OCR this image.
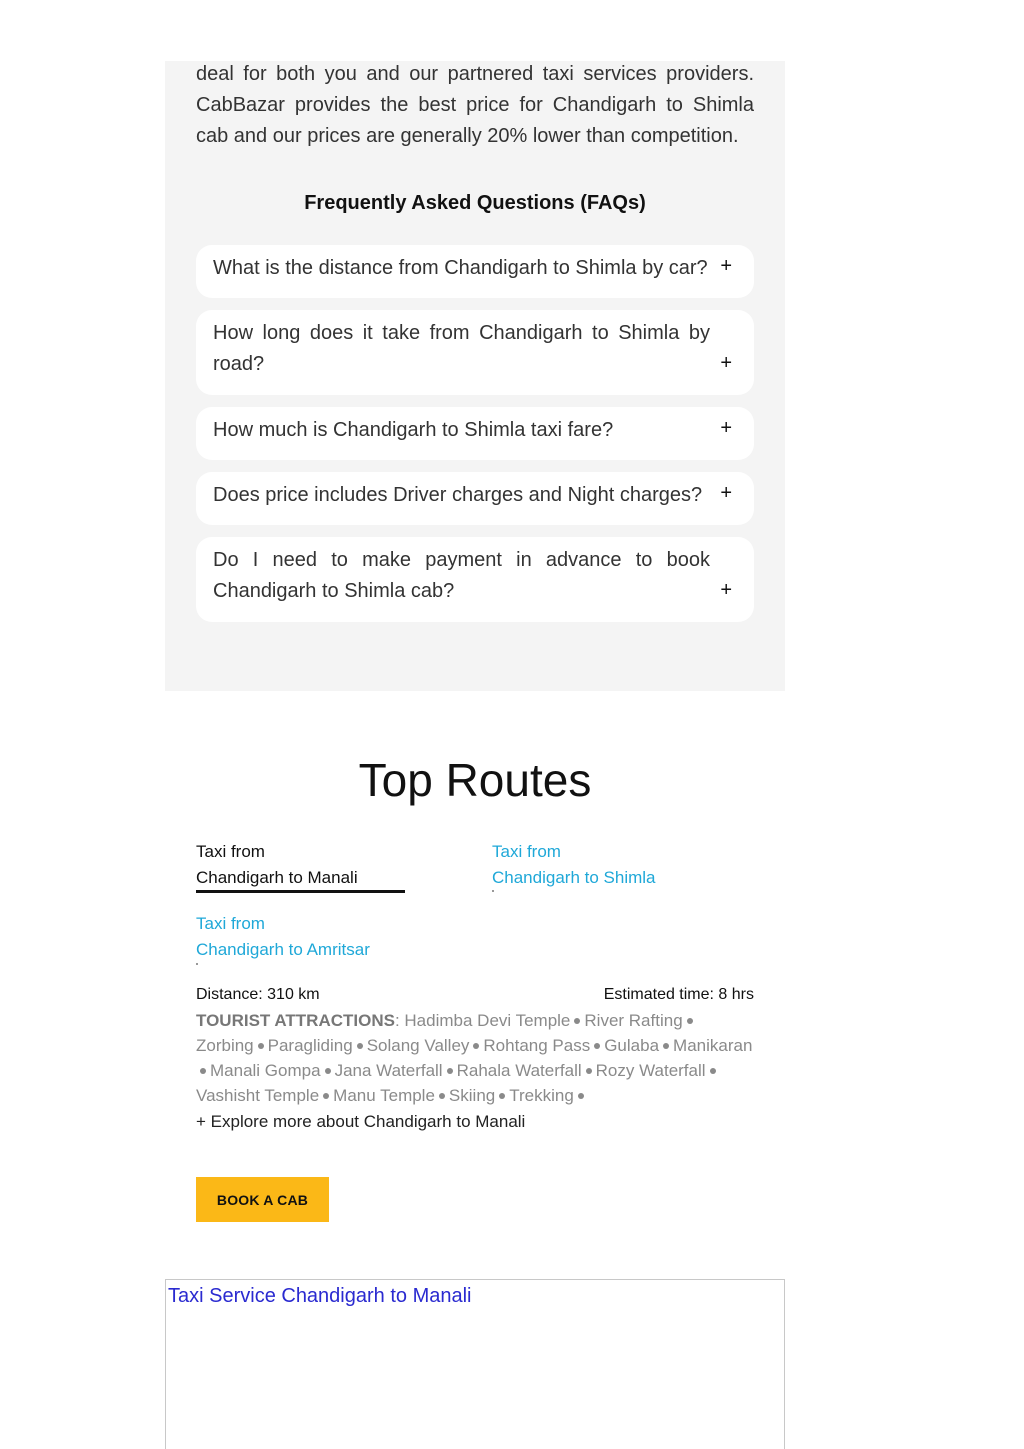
deal for both you and our partnered taxi services providers. CabBazar provides the best price for Chandigarh to Shimla cab and our prices are generally 20% lower than competition.

Frequently Asked Questions (FAQs)
What is the distance from Chandigarh to Shimla by car? +
How long does it take from Chandigarh to Shimla by road?	+
How much is Chandigarh to Shimla taxi fare?	+
Does price includes Driver charges and Night charges? +
Do I need to make payment in advance to book Chandigarh to Shimla cab?	+
Top Routes
Taxi from
Chandigarh to Manali
Taxi from
Chandigarh to Shimla
Taxi from
Chandigarh to Amritsar
Distance: 310 km	Estimated time: 8 hrs
TOURIST ATTRACTIONS: Hadimba Devi Temple River RaftingZorbing Paragliding Solang Valley Rohtang Pass Gulaba ManikaranManali Gompa Jana Waterfall Rahala Waterfall Rozy WaterfallVashisht Temple Manu Temple Skiing Trekking
+ Explore more about Chandigarh to Manali
BOOK A CAB
Taxi Service Chandigarh to Manali
